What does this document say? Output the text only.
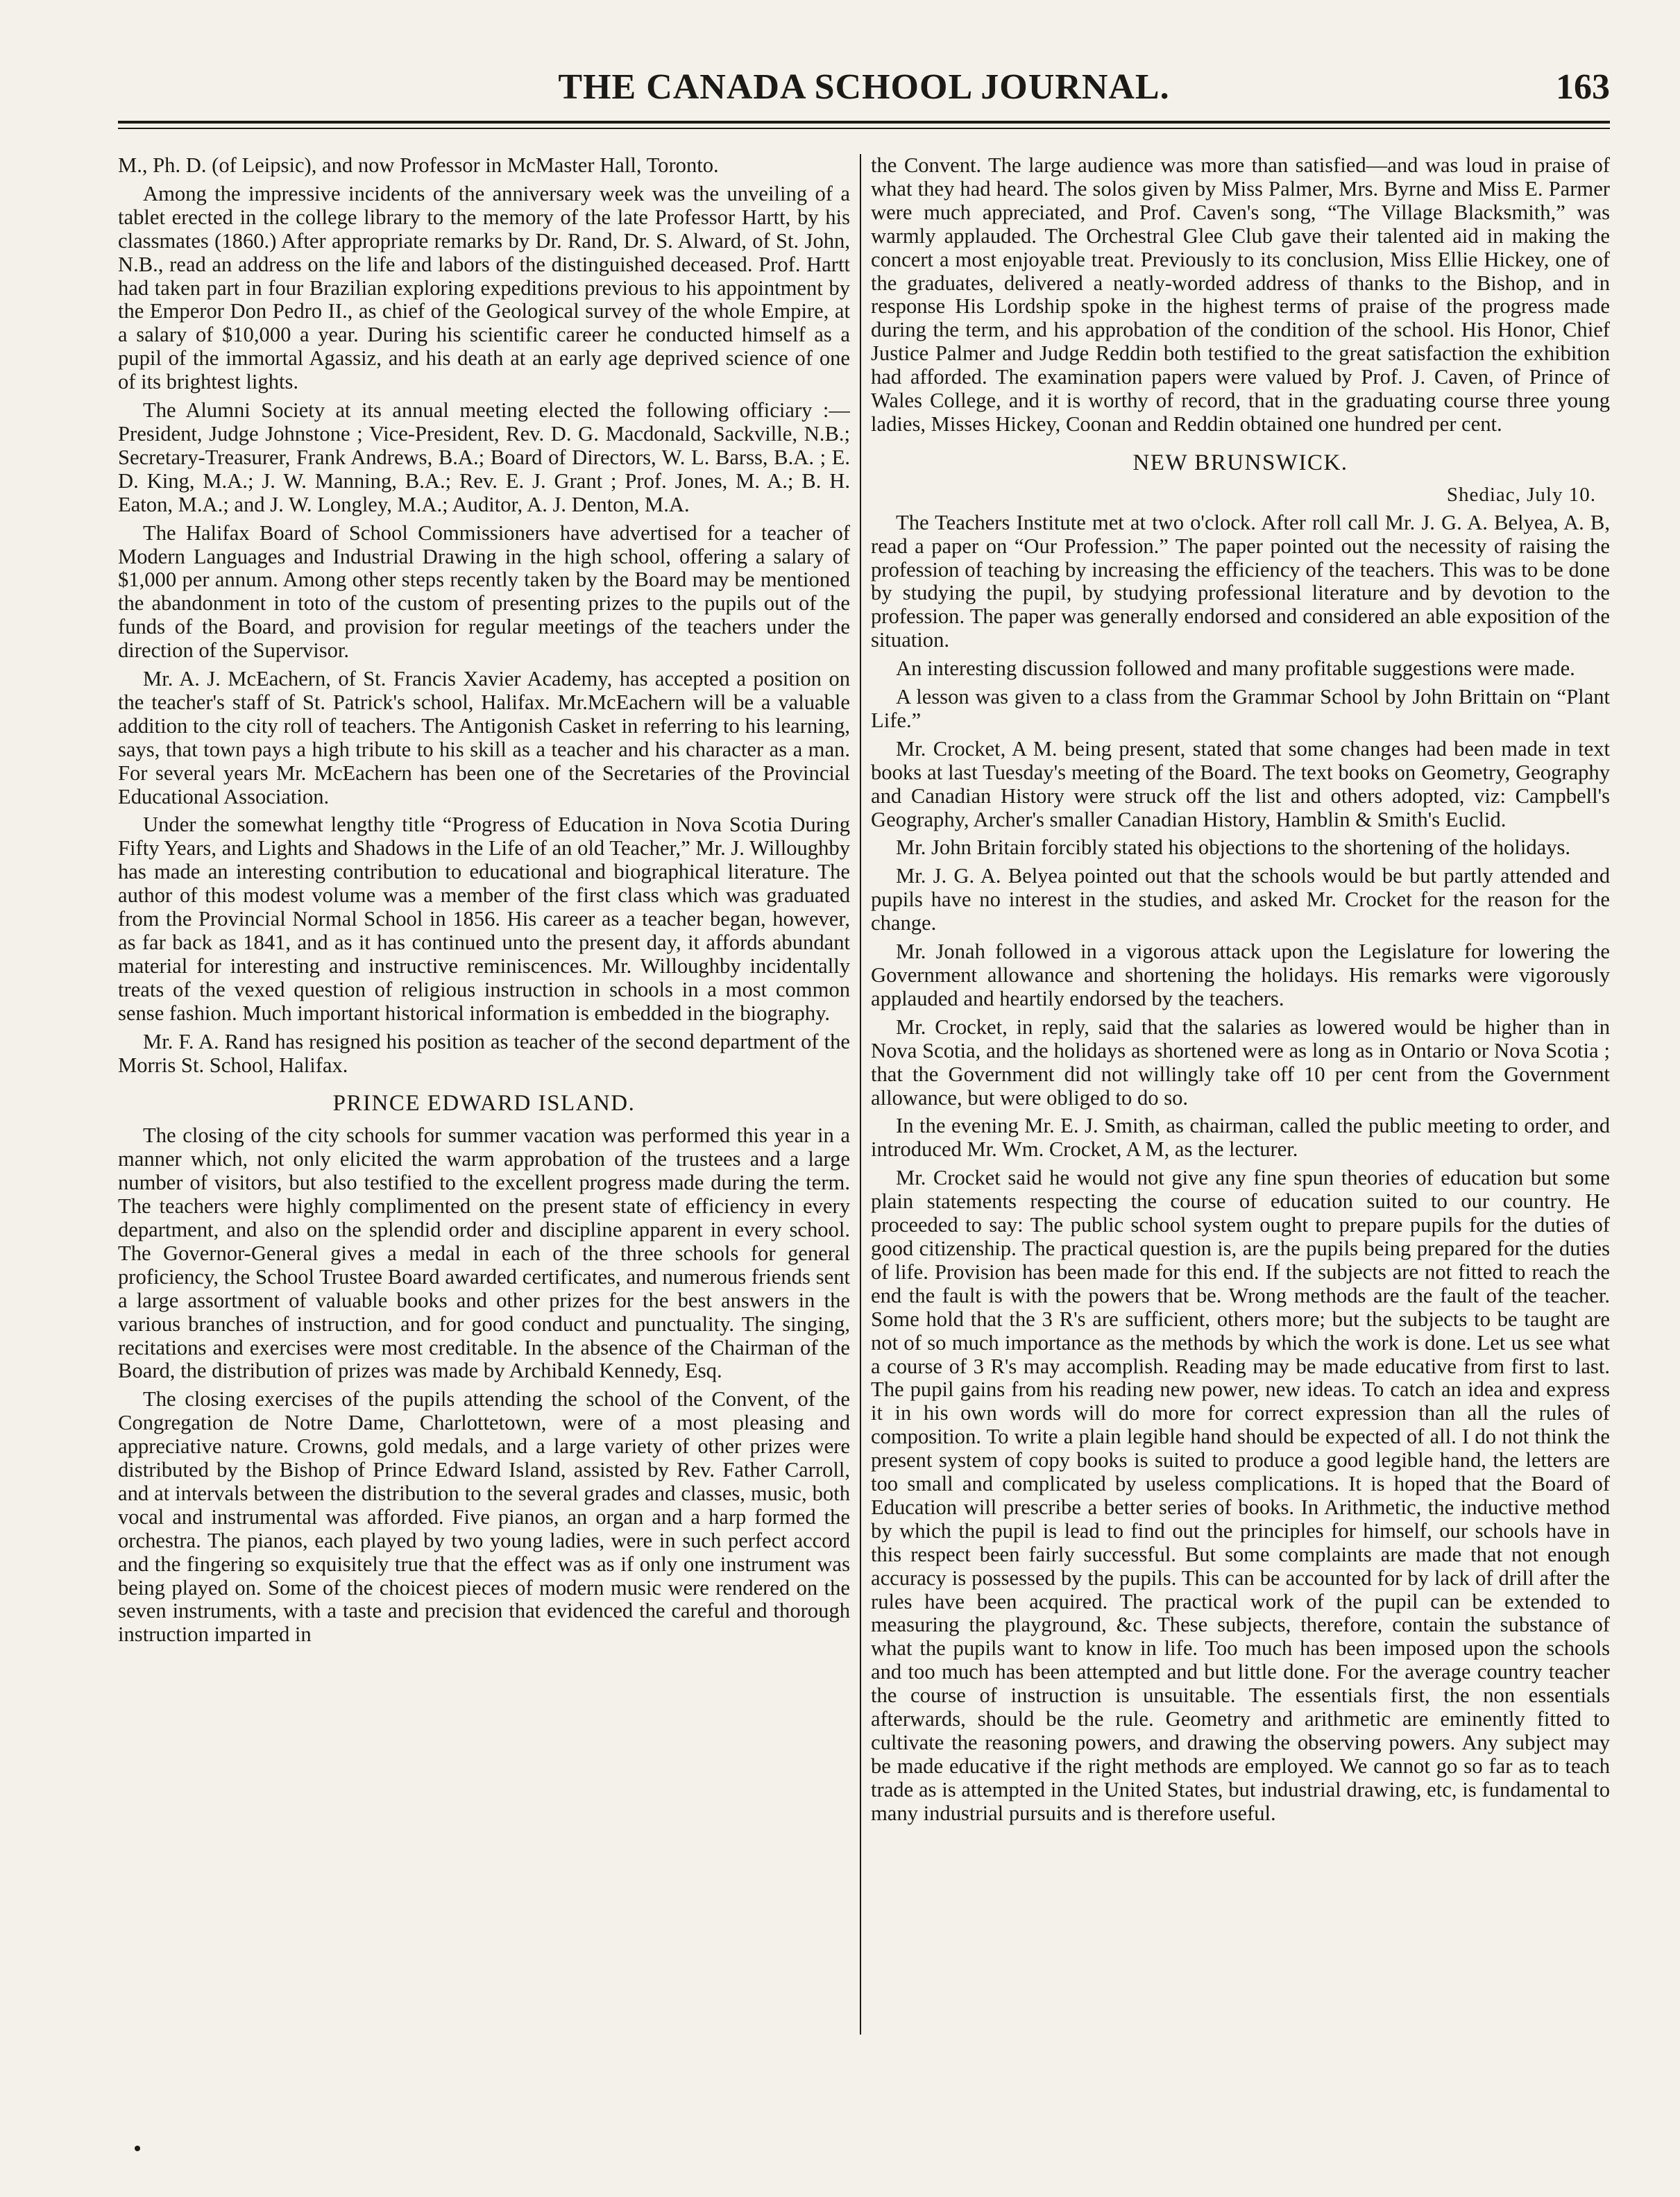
THE CANADA SCHOOL JOURNAL.	163

M., Ph. D. (of Leipsic), and now Professor in McMaster Hall, Toronto.

Among the impressive incidents of the anniversary week was the unveiling of a tablet erected in the college library to the memory of the late Professor Hartt, by his classmates (1860.) After appropriate remarks by Dr. Rand, Dr. S. Alward, of St. John, N.B., read an address on the life and labors of the distinguished deceased. Prof. Hartt had taken part in four Brazilian exploring expeditions previous to his appointment by the Emperor Don Pedro II., as chief of the Geological survey of the whole Empire, at a salary of $10,000 a year. During his scientific career he conducted himself as a pupil of the immortal Agassiz, and his death at an early age deprived science of one of its brightest lights.

The Alumni Society at its annual meeting elected the following officiary :—President, Judge Johnstone ; Vice-President, Rev. D. G. Macdonald, Sackville, N.B.; Secretary-Treasurer, Frank Andrews, B.A.; Board of Directors, W. L. Barss, B.A. ; E. D. King, M.A.; J. W. Manning, B.A.; Rev. E. J. Grant ; Prof. Jones, M. A.; B. H. Eaton, M.A.; and J. W. Longley, M.A.; Auditor, A. J. Denton, M.A.

The Halifax Board of School Commissioners have advertised for a teacher of Modern Languages and Industrial Drawing in the high school, offering a salary of $1,000 per annum. Among other steps recently taken by the Board may be mentioned the abandonment in toto of the custom of presenting prizes to the pupils out of the funds of the Board, and provision for regular meetings of the teachers under the direction of the Supervisor.

Mr. A. J. McEachern, of St. Francis Xavier Academy, has accepted a position on the teacher's staff of St. Patrick's school, Halifax. Mr.McEachern will be a valuable addition to the city roll of teachers. The Antigonish Casket in referring to his learning, says, that town pays a high tribute to his skill as a teacher and his character as a man. For several years Mr. McEachern has been one of the Secretaries of the Provincial Educational Association.

Under the somewhat lengthy title “Progress of Education in Nova Scotia During Fifty Years, and Lights and Shadows in the Life of an old Teacher,” Mr. J. Willoughby has made an interesting contribution to educational and biographical literature. The author of this modest volume was a member of the first class which was graduated from the Provincial Normal School in 1856. His career as a teacher began, however, as far back as 1841, and as it has continued unto the present day, it affords abundant material for interesting and instructive reminiscences. Mr. Willoughby incidentally treats of the vexed question of religious instruction in schools in a most common sense fashion. Much important historical information is embedded in the biography.

Mr. F. A. Rand has resigned his position as teacher of the second department of the Morris St. School, Halifax.

PRINCE EDWARD ISLAND.

The closing of the city schools for summer vacation was performed this year in a manner which, not only elicited the warm approbation of the trustees and a large number of visitors, but also testified to the excellent progress made during the term. The teachers were highly complimented on the present state of efficiency in every department, and also on the splendid order and discipline apparent in every school. The Governor-General gives a medal in each of the three schools for general proficiency, the School Trustee Board awarded certificates, and numerous friends sent a large assortment of valuable books and other prizes for the best answers in the various branches of instruction, and for good conduct and punctuality. The singing, recitations and exercises were most creditable. In the absence of the Chairman of the Board, the distribution of prizes was made by Archibald Kennedy, Esq.

The closing exercises of the pupils attending the school of the Convent, of the Congregation de Notre Dame, Charlottetown, were of a most pleasing and appreciative nature. Crowns, gold medals, and a large variety of other prizes were distributed by the Bishop of Prince Edward Island, assisted by Rev. Father Carroll, and at intervals between the distribution to the several grades and classes, music, both vocal and instrumental was afforded. Five pianos, an organ and a harp formed the orchestra. The pianos, each played by two young ladies, were in such perfect accord and the fingering so exquisitely true that the effect was as if only one instrument was being played on. Some of the choicest pieces of modern music were rendered on the seven instruments, with a taste and precision that evidenced the careful and thorough instruction imparted in

the Convent. The large audience was more than satisfied—and was loud in praise of what they had heard. The solos given by Miss Palmer, Mrs. Byrne and Miss E. Parmer were much appreciated, and Prof. Caven's song, “The Village Blacksmith,” was warmly applauded. The Orchestral Glee Club gave their talented aid in making the concert a most enjoyable treat. Previously to its conclusion, Miss Ellie Hickey, one of the graduates, delivered a neatly-worded address of thanks to the Bishop, and in response His Lordship spoke in the highest terms of praise of the progress made during the term, and his approbation of the condition of the school. His Honor, Chief Justice Palmer and Judge Reddin both testified to the great satisfaction the exhibition had afforded. The examination papers were valued by Prof. J. Caven, of Prince of Wales College, and it is worthy of record, that in the graduating course three young ladies, Misses Hickey, Coonan and Reddin obtained one hundred per cent.

NEW BRUNSWICK.
Shediac, July 10.

The Teachers Institute met at two o'clock. After roll call Mr. J. G. A. Belyea, A. B, read a paper on “Our Profession.” The paper pointed out the necessity of raising the profession of teaching by increasing the efficiency of the teachers. This was to be done by studying the pupil, by studying professional literature and by devotion to the profession. The paper was generally endorsed and considered an able exposition of the situation.

An interesting discussion followed and many profitable suggestions were made.

A lesson was given to a class from the Grammar School by John Brittain on “Plant Life.”

Mr. Crocket, A M. being present, stated that some changes had been made in text books at last Tuesday's meeting of the Board. The text books on Geometry, Geography and Canadian History were struck off the list and others adopted, viz: Campbell's Geography, Archer's smaller Canadian History, Hamblin & Smith's Euclid.

Mr. John Britain forcibly stated his objections to the shortening of the holidays.

Mr. J. G. A. Belyea pointed out that the schools would be but partly attended and pupils have no interest in the studies, and asked Mr. Crocket for the reason for the change.

Mr. Jonah followed in a vigorous attack upon the Legislature for lowering the Government allowance and shortening the holidays. His remarks were vigorously applauded and heartily endorsed by the teachers.

Mr. Crocket, in reply, said that the salaries as lowered would be higher than in Nova Scotia, and the holidays as shortened were as long as in Ontario or Nova Scotia ; that the Government did not willingly take off 10 per cent from the Government allowance, but were obliged to do so.

In the evening Mr. E. J. Smith, as chairman, called the public meeting to order, and introduced Mr. Wm. Crocket, A M, as the lecturer.

Mr. Crocket said he would not give any fine spun theories of education but some plain statements respecting the course of education suited to our country. He proceeded to say: The public school system ought to prepare pupils for the duties of good citizenship. The practical question is, are the pupils being prepared for the duties of life. Provision has been made for this end. If the subjects are not fitted to reach the end the fault is with the powers that be. Wrong methods are the fault of the teacher. Some hold that the 3 R's are sufficient, others more; but the subjects to be taught are not of so much importance as the methods by which the work is done. Let us see what a course of 3 R's may accomplish. Reading may be made educative from first to last. The pupil gains from his reading new power, new ideas. To catch an idea and express it in his own words will do more for correct expression than all the rules of composition. To write a plain legible hand should be expected of all. I do not think the present system of copy books is suited to produce a good legible hand, the letters are too small and complicated by useless complications. It is hoped that the Board of Education will prescribe a better series of books. In Arithmetic, the inductive method by which the pupil is lead to find out the principles for himself, our schools have in this respect been fairly successful. But some complaints are made that not enough accuracy is possessed by the pupils. This can be accounted for by lack of drill after the rules have been acquired. The practical work of the pupil can be extended to measuring the playground, &c. These subjects, therefore, contain the substance of what the pupils want to know in life. Too much has been imposed upon the schools and too much has been attempted and but little done. For the average country teacher the course of instruction is unsuitable. The essentials first, the non essentials afterwards, should be the rule. Geometry and arithmetic are eminently fitted to cultivate the reasoning powers, and drawing the observing powers. Any subject may be made educative if the right methods are employed. We cannot go so far as to teach trade as is attempted in the United States, but industrial drawing, etc, is fundamental to many industrial pursuits and is therefore useful.
